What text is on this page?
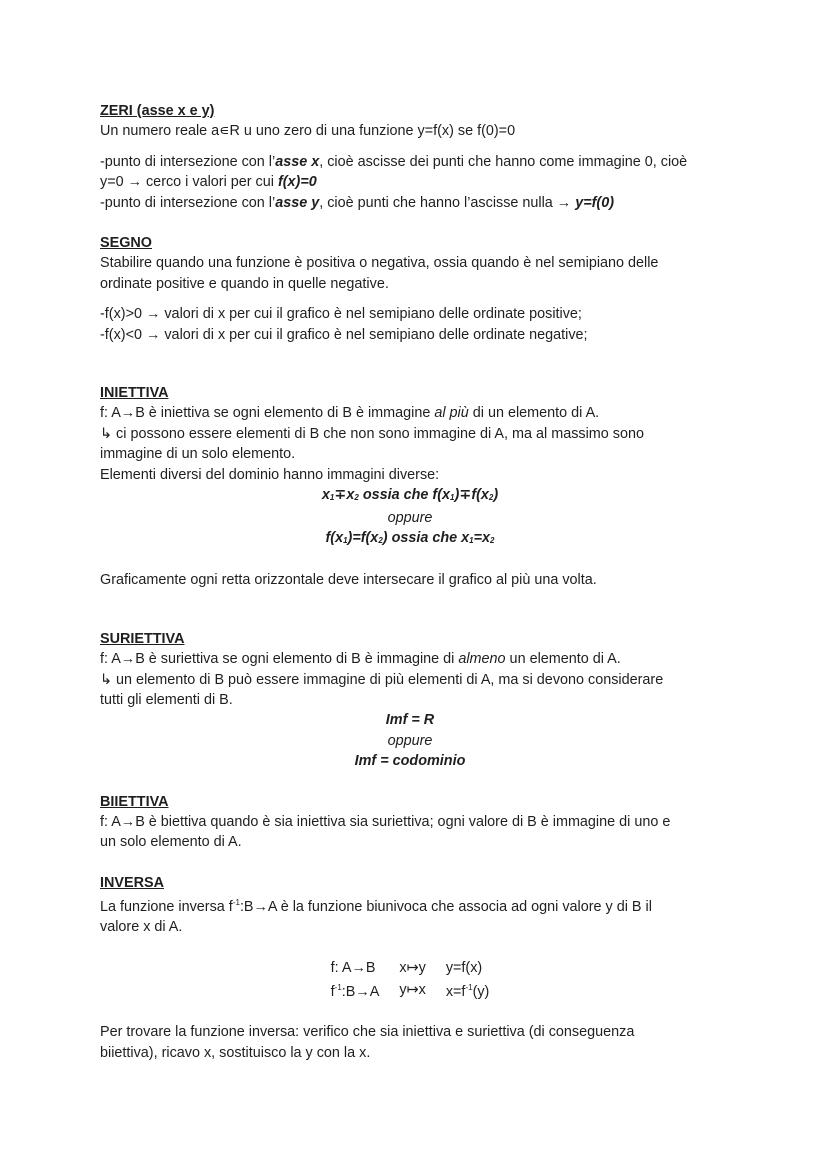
ZERI (asse x e y)

Un numero reale a∊R u uno zero di una funzione y=f(x) se f(0)=0

-punto di intersezione con l’asse x, cioè ascisse dei punti che hanno come immagine 0, cioè
y=0 → cerco i valori per cui f(x)=0

-punto di intersezione con l’asse y, cioè punti che hanno l’ascisse nulla → y=f(0)

SEGNO

Stabilire quando una funzione è positiva o negativa, ossia quando è nel semipiano delle
ordinate positive e quando in quelle negative.

-f(x)>0 → valori di x per cui il grafico è nel semipiano delle ordinate positive;

-f(x)<0 → valori di x per cui il grafico è nel semipiano delle ordinate negative;

INIETTIVA

f: A→B è iniettiva se ogni elemento di B è immagine al più di un elemento di A.

↳ ci possono essere elementi di B che non sono immagine di A, ma al massimo sono
immagine di un solo elemento.

Elementi diversi del dominio hanno immagini diverse:

x1∓x2 ossia che f(x1)∓f(x2)

oppure

f(x1)=f(x2) ossia che x1=x2

Graficamente ogni retta orizzontale deve intersecare il grafico al più una volta.

SURIETTIVA

f: A→B è suriettiva se ogni elemento di B è immagine di almeno un elemento di A.

↳ un elemento di B può essere immagine di più elementi di A, ma si devono considerare
tutti gli elementi di B.

Imf = R

oppure

Imf = codominio

BIIETTIVA

f: A→B è biettiva quando è sia iniettiva sia suriettiva; ogni valore di B è immagine di uno e
un solo elemento di A.

INVERSA

La funzione inversa $f^{-1}:B\to A$ è la funzione biunivoca che associa ad ogni valore y di B il
valore x di A.

f: A→B	x↦y	y=f(x)
$f^{-1}:B\to A$	y↦x	$x=f^{-1}(y)$

Per trovare la funzione inversa: verifico che sia iniettiva e suriettiva (di conseguenza
biiettiva), ricavo x, sostituisco la y con la x.
